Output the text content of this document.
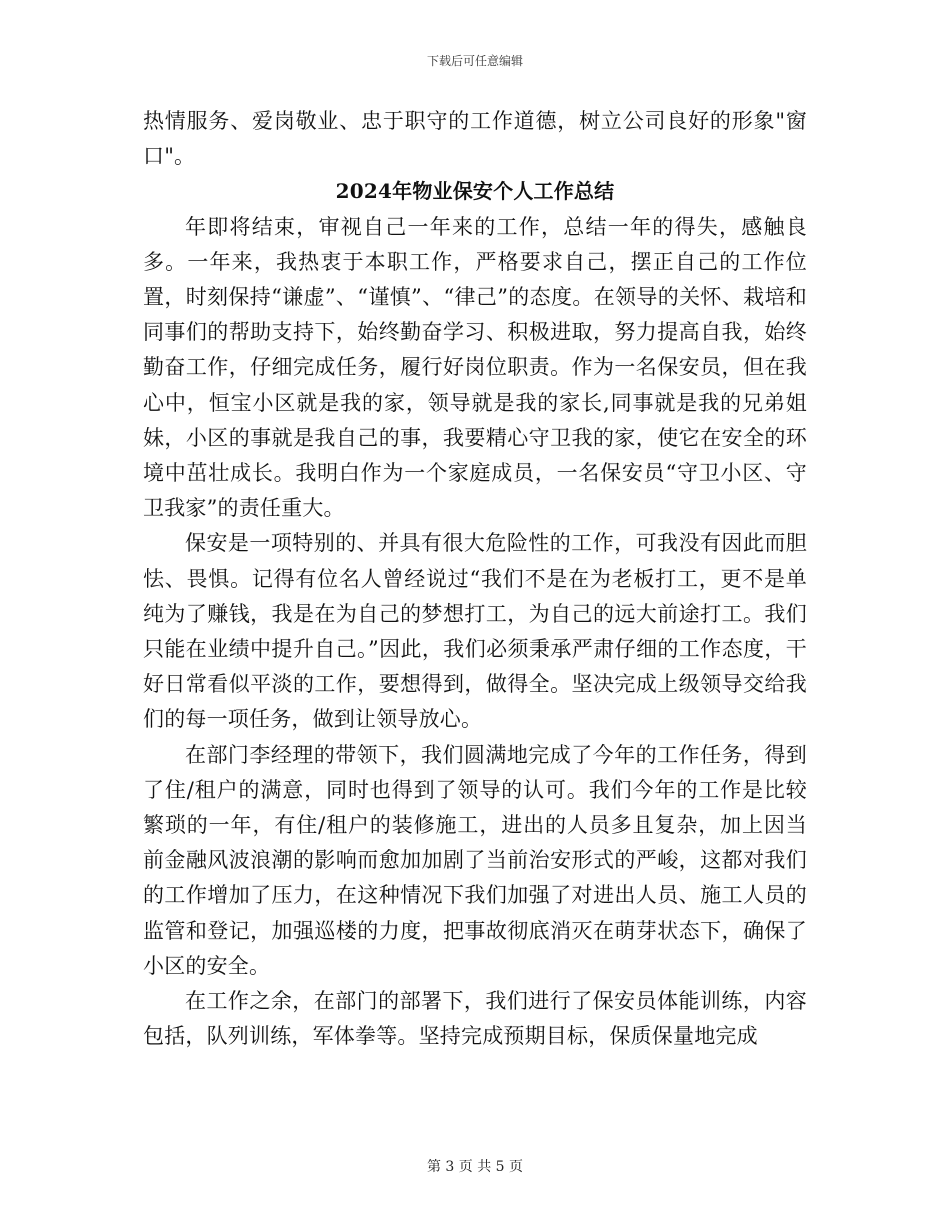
下载后可任意编辑

热情服务、爱岗敬业、忠于职守的工作道德，树立公司良好的形象"窗口"。

2024年物业保安个人工作总结

年即将结束，审视自己一年来的工作，总结一年的得失，感触良多。一年来，我热衷于本职工作，严格要求自己，摆正自己的工作位置，时刻保持“谦虚”、“谨慎”、“律己”的态度。在领导的关怀、栽培和同事们的帮助支持下，始终勤奋学习、积极进取，努力提高自我，始终勤奋工作，仔细完成任务，履行好岗位职责。作为一名保安员，但在我心中，恒宝小区就是我的家，领导就是我的家长,同事就是我的兄弟姐妹，小区的事就是我自己的事，我要精心守卫我的家，使它在安全的环境中茁壮成长。我明白作为一个家庭成员，一名保安员“守卫小区、守卫我家”的责任重大。

保安是一项特别的、并具有很大危险性的工作，可我没有因此而胆怯、畏惧。记得有位名人曾经说过“我们不是在为老板打工，更不是单纯为了赚钱，我是在为自己的梦想打工，为自己的远大前途打工。我们只能在业绩中提升自己。”因此，我们必须秉承严肃仔细的工作态度，干好日常看似平淡的工作，要想得到，做得全。坚决完成上级领导交给我们的每一项任务，做到让领导放心。

在部门李经理的带领下，我们圆满地完成了今年的工作任务，得到了住/租户的满意，同时也得到了领导的认可。我们今年的工作是比较繁琐的一年，有住/租户的装修施工，进出的人员多且复杂，加上因当前金融风波浪潮的影响而愈加加剧了当前治安形式的严峻，这都对我们的工作增加了压力，在这种情况下我们加强了对进出人员、施工人员的监管和登记，加强巡楼的力度，把事故彻底消灭在萌芽状态下，确保了小区的安全。

在工作之余，在部门的部署下，我们进行了保安员体能训练，内容包括，队列训练，军体拳等。坚持完成预期目标，保质保量地完成

第 3 页 共 5 页
